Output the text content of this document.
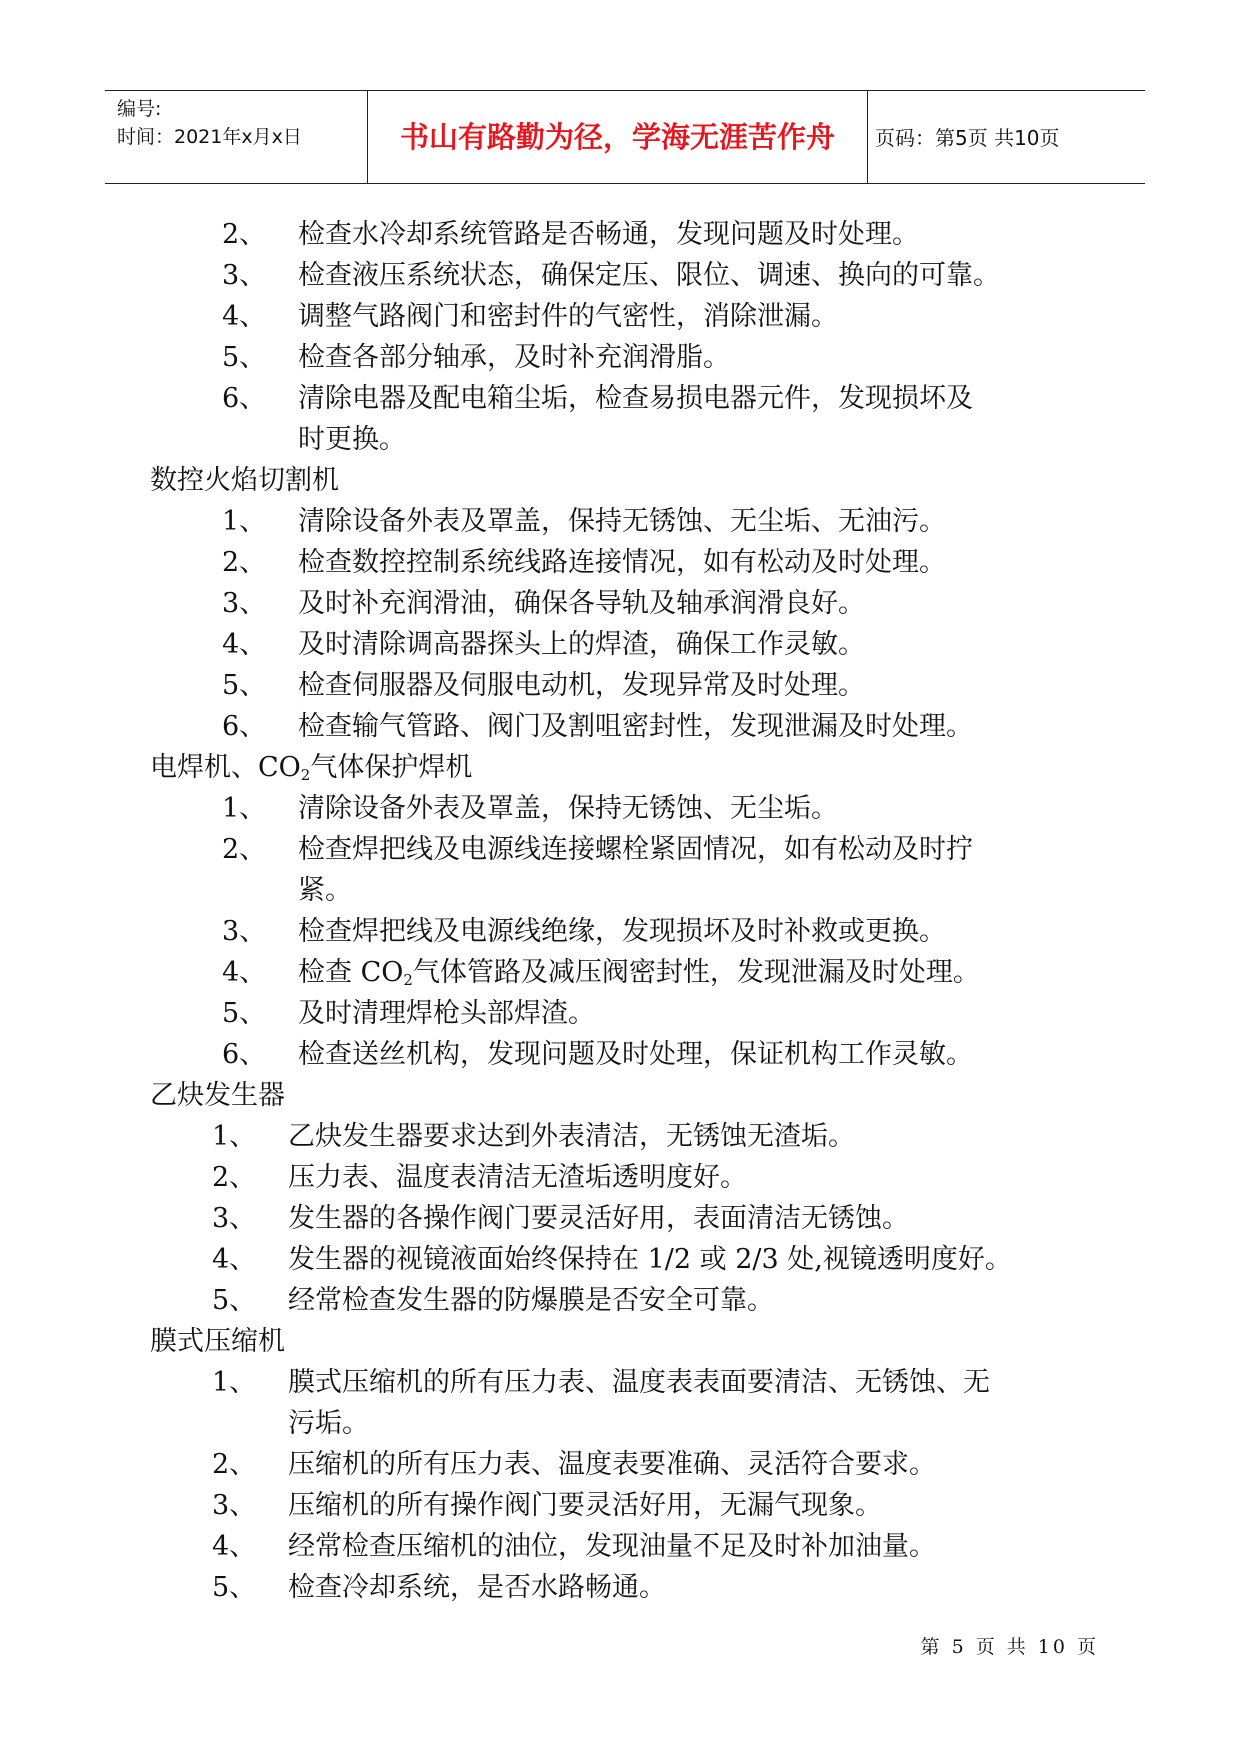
编号:
时间：2021年x月x日	书山有路勤为径，学海无涯苦作舟	页码：第5页 共10页
2、 检查水冷却系统管路是否畅通，发现问题及时处理。
3、 检查液压系统状态，确保定压、限位、调速、换向的可靠。
4、 调整气路阀门和密封件的气密性，消除泄漏。
5、 检查各部分轴承，及时补充润滑脂。
6、 清除电器及配电箱尘垢，检查易损电器元件，发现损坏及
时更换。
数控火焰切割机
1、 清除设备外表及罩盖，保持无锈蚀、无尘垢、无油污。
2、 检查数控控制系统线路连接情况，如有松动及时处理。
3、 及时补充润滑油，确保各导轨及轴承润滑良好。
4、 及时清除调高器探头上的焊渣，确保工作灵敏。
5、 检查伺服器及伺服电动机，发现异常及时处理。
6、 检查输气管路、阀门及割咀密封性，发现泄漏及时处理。
电焊机、$CO_2$气体保护焊机
1、 清除设备外表及罩盖，保持无锈蚀、无尘垢。
2、 检查焊把线及电源线连接螺栓紧固情况，如有松动及时拧
紧。
3、 检查焊把线及电源线绝缘，发现损坏及时补救或更换。
4、 检查 $CO_2$气体管路及减压阀密封性，发现泄漏及时处理。
5、 及时清理焊枪头部焊渣。
6、 检查送丝机构，发现问题及时处理，保证机构工作灵敏。
乙炔发生器
1、 乙炔发生器要求达到外表清洁，无锈蚀无渣垢。
2、 压力表、温度表清洁无渣垢透明度好。
3、 发生器的各操作阀门要灵活好用，表面清洁无锈蚀。
4、 发生器的视镜液面始终保持在 1/2 或 2/3 处,视镜透明度好。
5、 经常检查发生器的防爆膜是否安全可靠。
膜式压缩机
1、 膜式压缩机的所有压力表、温度表表面要清洁、无锈蚀、无
污垢。
2、 压缩机的所有压力表、温度表要准确、灵活符合要求。
3、 压缩机的所有操作阀门要灵活好用，无漏气现象。
4、 经常检查压缩机的油位，发现油量不足及时补加油量。
5、 检查冷却系统，是否水路畅通。
第 5 页 共 10 页
